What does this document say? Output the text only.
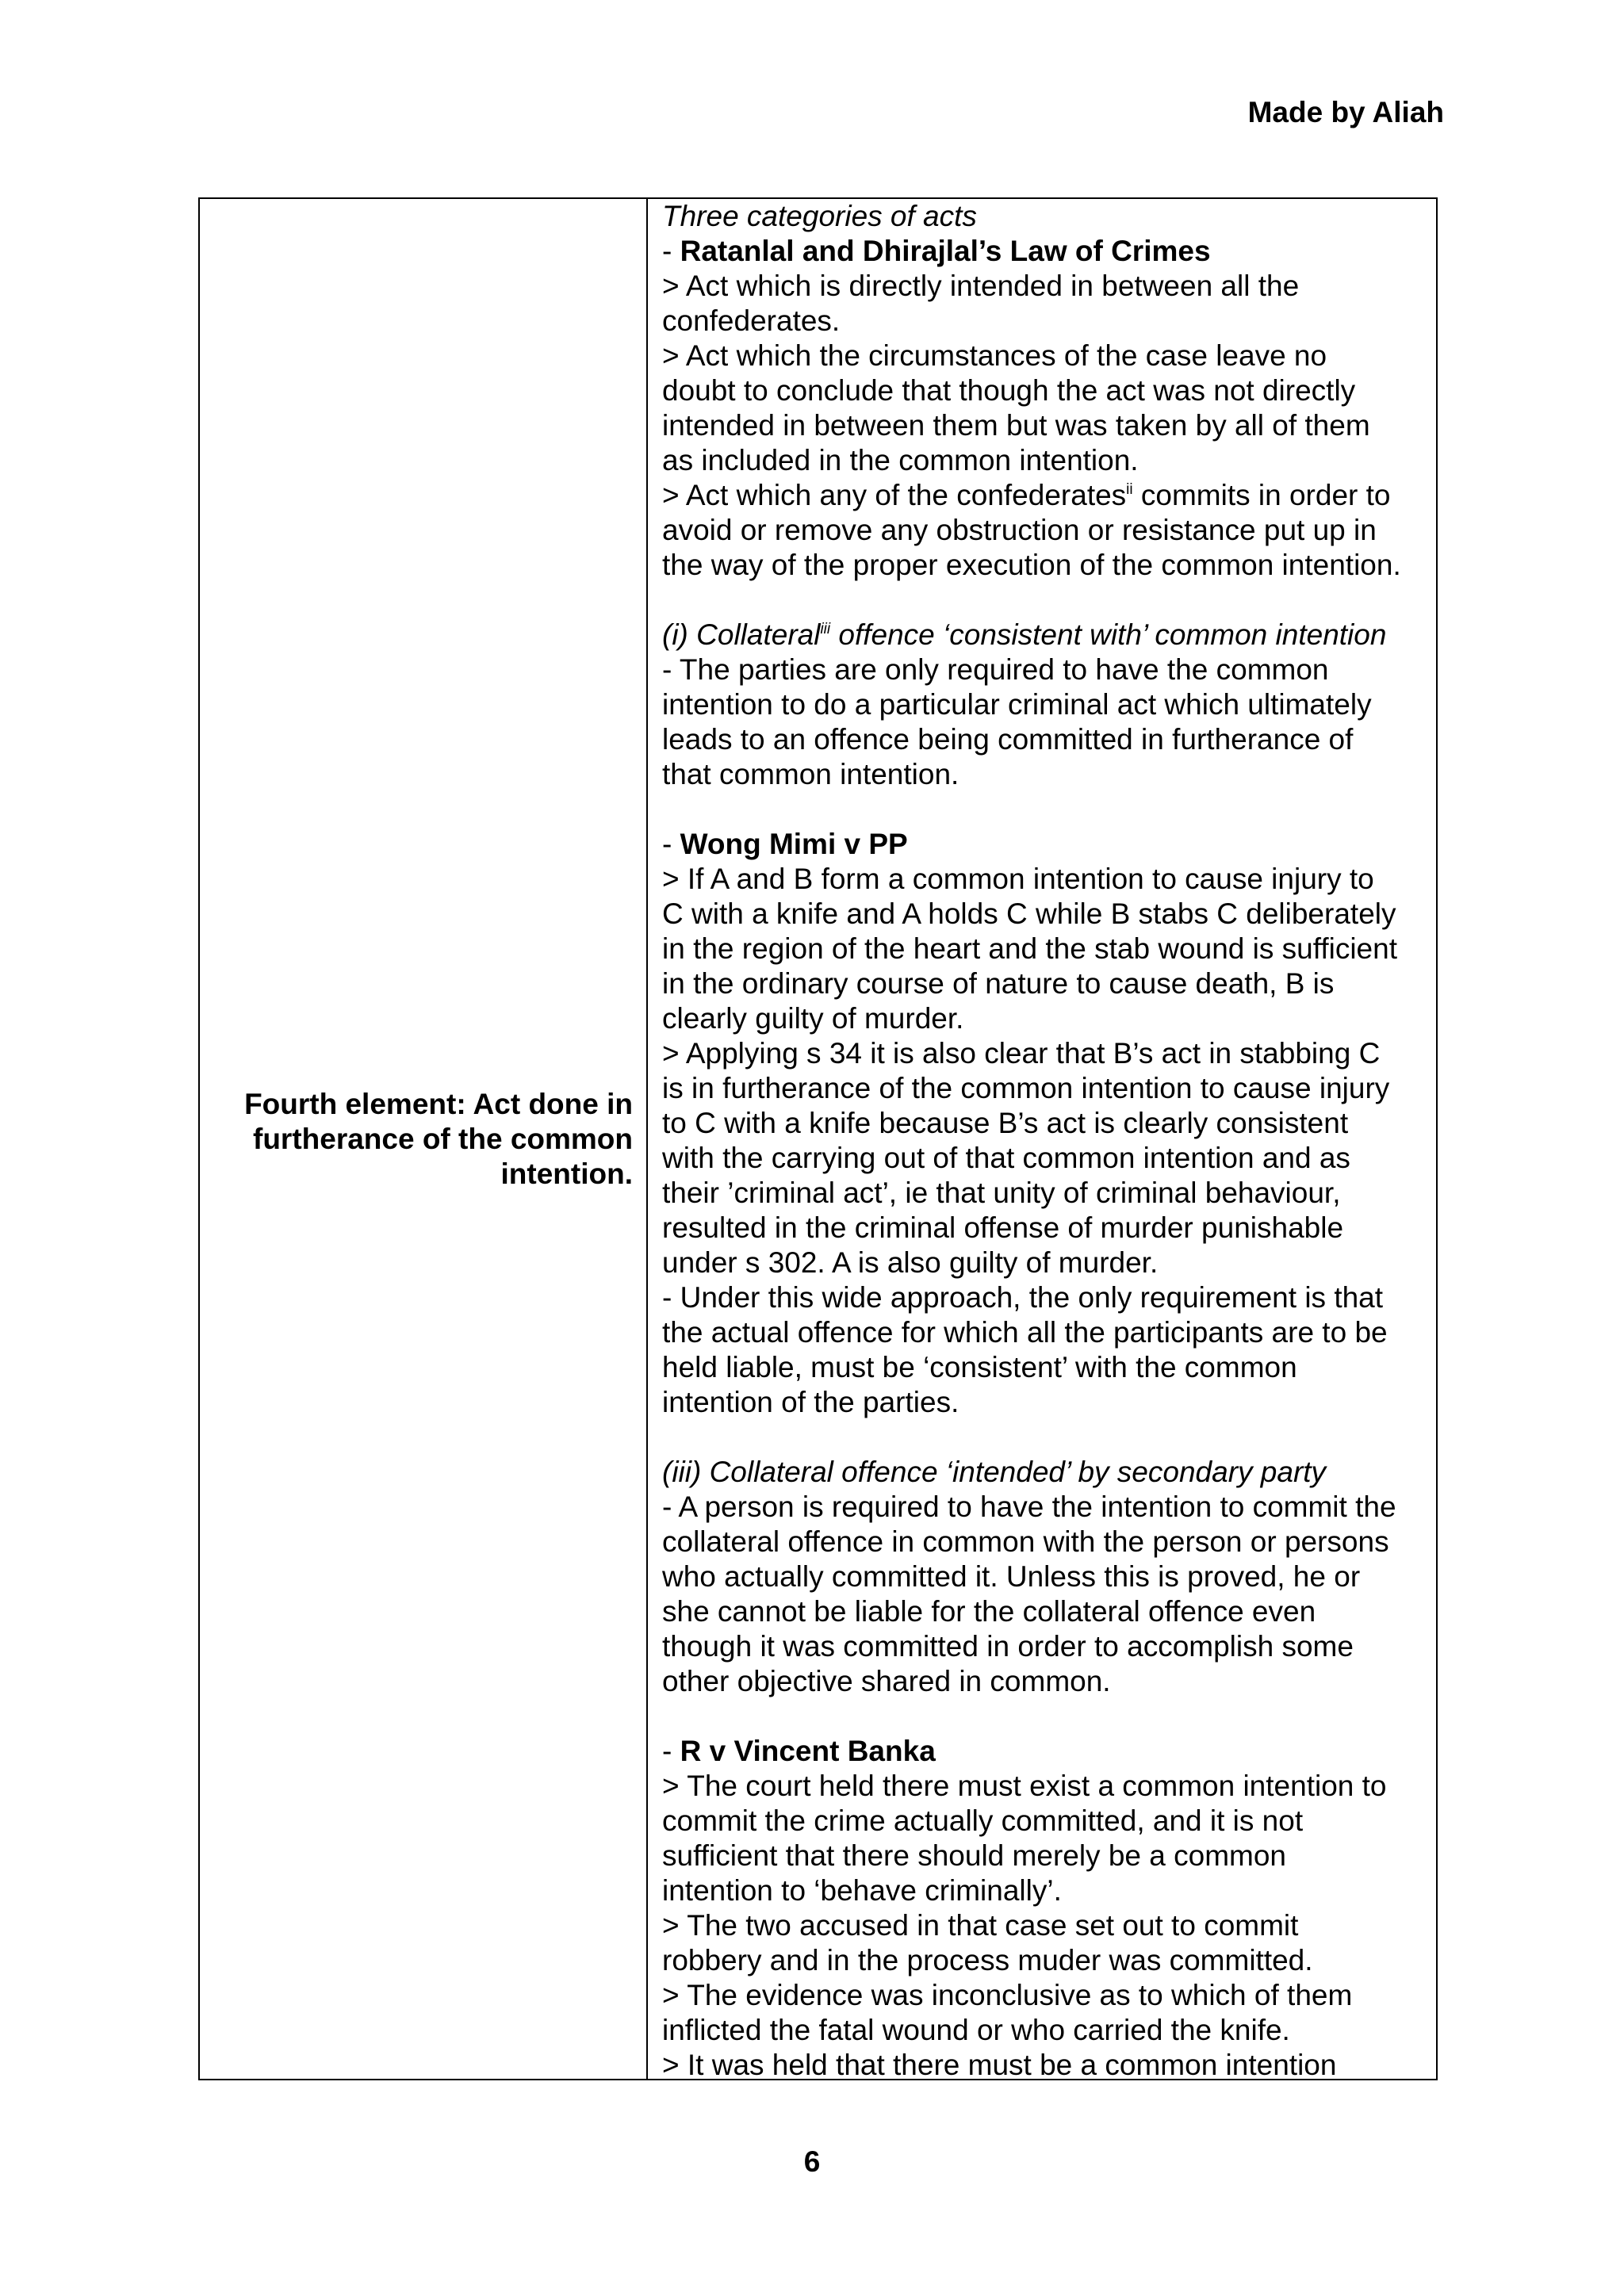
Made by Aliah
Fourth element: Act done in
furtherance of the common
intention.

Three categories of acts

- Ratanlal and Dhirajlal’s Law of Crimes

> Act which is directly intended in between all the

confederates.

> Act which the circumstances of the case leave no

doubt to conclude that though the act was not directly

intended in between them but was taken by all of them

as included in the common intention.

> Act which any of the confederates$^{ii}$ commits in order to

avoid or remove any obstruction or resistance put up in

the way of the proper execution of the common intention.

(i) Collateral$^{iii}$ offence ‘consistent with’ common intention

- The parties are only required to have the common

intention to do a particular criminal act which ultimately

leads to an offence being committed in furtherance of

that common intention.

- Wong Mimi v PP

> If A and B form a common intention to cause injury to

C with a knife and A holds C while B stabs C deliberately

in the region of the heart and the stab wound is sufficient

in the ordinary course of nature to cause death, B is

clearly guilty of murder.

> Applying s 34 it is also clear that B’s act in stabbing C

is in furtherance of the common intention to cause injury

to C with a knife because B’s act is clearly consistent

with the carrying out of that common intention and as

their ’criminal act’, ie that unity of criminal behaviour,

resulted in the criminal offense of murder punishable

under s 302. A is also guilty of murder.

- Under this wide approach, the only requirement is that

the actual offence for which all the participants are to be

held liable, must be ‘consistent’ with the common

intention of the parties.

(iii) Collateral offence ‘intended’ by secondary party

- A person is required to have the intention to commit the

collateral offence in common with the person or persons

who actually committed it. Unless this is proved, he or

she cannot be liable for the collateral offence even

though it was committed in order to accomplish some

other objective shared in common.

- R v Vincent Banka

> The court held there must exist a common intention to

commit the crime actually committed, and it is not

sufficient that there should merely be a common

intention to ‘behave criminally’.

> The two accused in that case set out to commit

robbery and in the process muder was committed.

> The evidence was inconclusive as to which of them

inflicted the fatal wound or who carried the knife.

> It was held that there must be a common intention

6
